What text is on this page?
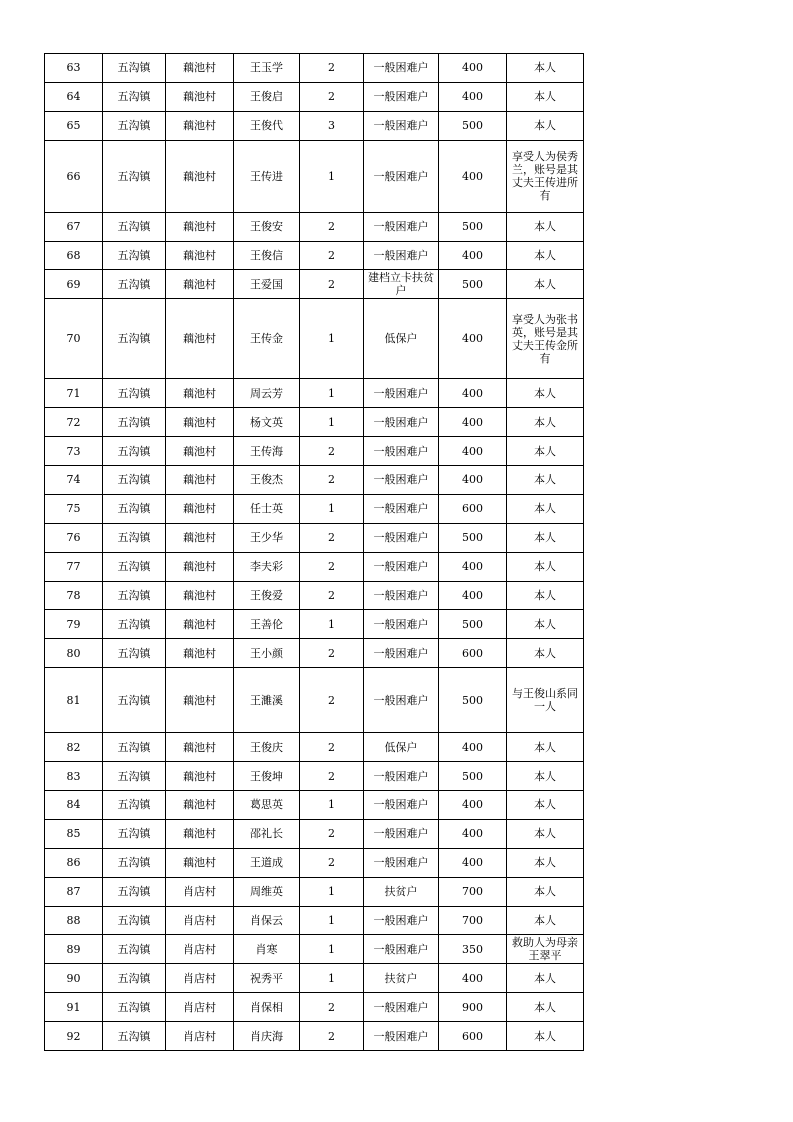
63	五沟镇	藕池村	王玉学	2	一般困难户	400	本人
64	五沟镇	藕池村	王俊启	2	一般困难户	400	本人
65	五沟镇	藕池村	王俊代	3	一般困难户	500	本人
66	五沟镇	藕池村	王传进	1	一般困难户	400	享受人为侯秀兰，账号是其丈夫王传进所有
67	五沟镇	藕池村	王俊安	2	一般困难户	500	本人
68	五沟镇	藕池村	王俊信	2	一般困难户	400	本人
69	五沟镇	藕池村	王爱国	2	建档立卡扶贫户	500	本人
70	五沟镇	藕池村	王传金	1	低保户	400	享受人为张书英，账号是其丈夫王传金所有
71	五沟镇	藕池村	周云芳	1	一般困难户	400	本人
72	五沟镇	藕池村	杨文英	1	一般困难户	400	本人
73	五沟镇	藕池村	王传海	2	一般困难户	400	本人
74	五沟镇	藕池村	王俊杰	2	一般困难户	400	本人
75	五沟镇	藕池村	任士英	1	一般困难户	600	本人
76	五沟镇	藕池村	王少华	2	一般困难户	500	本人
77	五沟镇	藕池村	李夫彩	2	一般困难户	400	本人
78	五沟镇	藕池村	王俊爱	2	一般困难户	400	本人
79	五沟镇	藕池村	王善伦	1	一般困难户	500	本人
80	五沟镇	藕池村	王小颜	2	一般困难户	600	本人
81	五沟镇	藕池村	王濉溪	2	一般困难户	500	与王俊山系同一人
82	五沟镇	藕池村	王俊庆	2	低保户	400	本人
83	五沟镇	藕池村	王俊坤	2	一般困难户	500	本人
84	五沟镇	藕池村	葛思英	1	一般困难户	400	本人
85	五沟镇	藕池村	邵礼长	2	一般困难户	400	本人
86	五沟镇	藕池村	王道成	2	一般困难户	400	本人
87	五沟镇	肖店村	周维英	1	扶贫户	700	本人
88	五沟镇	肖店村	肖保云	1	一般困难户	700	本人
89	五沟镇	肖店村	肖寒	1	一般困难户	350	救助人为母亲王翠平
90	五沟镇	肖店村	祝秀平	1	扶贫户	400	本人
91	五沟镇	肖店村	肖保相	2	一般困难户	900	本人
92	五沟镇	肖店村	肖庆海	2	一般困难户	600	本人
